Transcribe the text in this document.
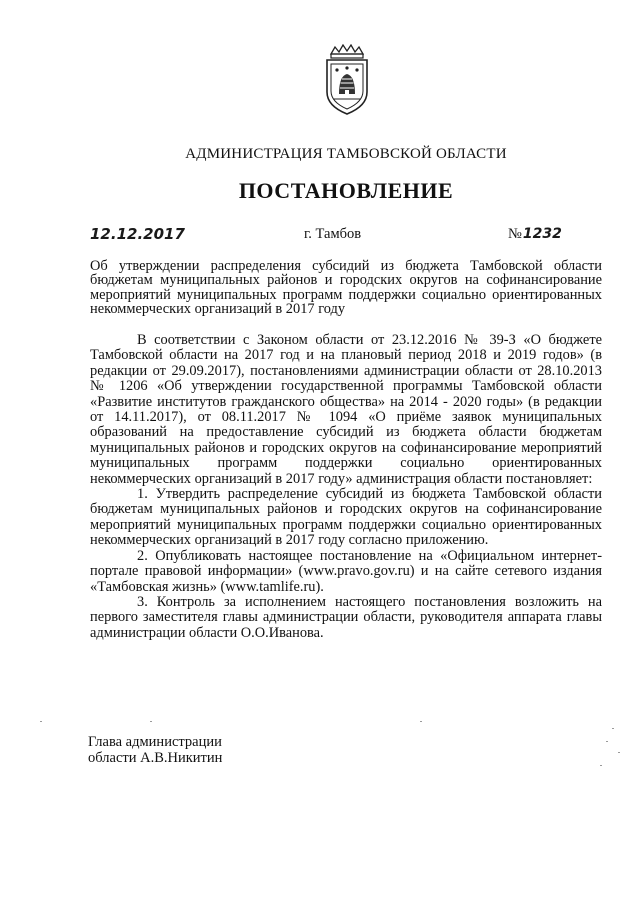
АДМИНИСТРАЦИЯ ТАМБОВСКОЙ ОБЛАСТИ
ПОСТАНОВЛЕНИЕ
12.12.2017	г. Тамбов	№1232
Об утверждении распределения субсидий из бюджета Тамбовской области бюджетам муниципальных районов и городских округов на софинансирование мероприятий муниципальных программ поддержки социально ориентированных некоммерческих организаций в 2017 году

В соответствии с Законом области от 23.12.2016 № 39-З «О бюджете Тамбовской области на 2017 год и на плановый период 2018 и 2019 годов» (в редакции от 29.09.2017), постановлениями администрации области от 28.10.2013 № 1206 «Об утверждении государственной программы Тамбовской области «Развитие институтов гражданского общества» на 2014 - 2020 годы» (в редакции от 14.11.2017), от 08.11.2017 № 1094 «О приёме заявок муниципальных образований на предоставление субсидий из бюджета области бюджетам муниципальных районов и городских округов на софинансирование мероприятий муниципальных программ поддержки социально ориентированных некоммерческих организаций в 2017 году» администрация области постановляет:

1. Утвердить распределение субсидий из бюджета Тамбовской области бюджетам муниципальных районов и городских округов на софинансирование мероприятий муниципальных программ поддержки социально ориентированных некоммерческих организаций в 2017 году согласно приложению.

2. Опубликовать настоящее постановление на «Официальном интернет-портале правовой информации» (www.pravo.gov.ru) и на сайте сетевого издания «Тамбовская жизнь» (www.tamlife.ru).

3. Контроль за исполнением настоящего постановления возложить на первого заместителя главы администрации области, руководителя аппарата главы администрации области О.О.Иванова.

Глава администрации
области А.В.Никитин
